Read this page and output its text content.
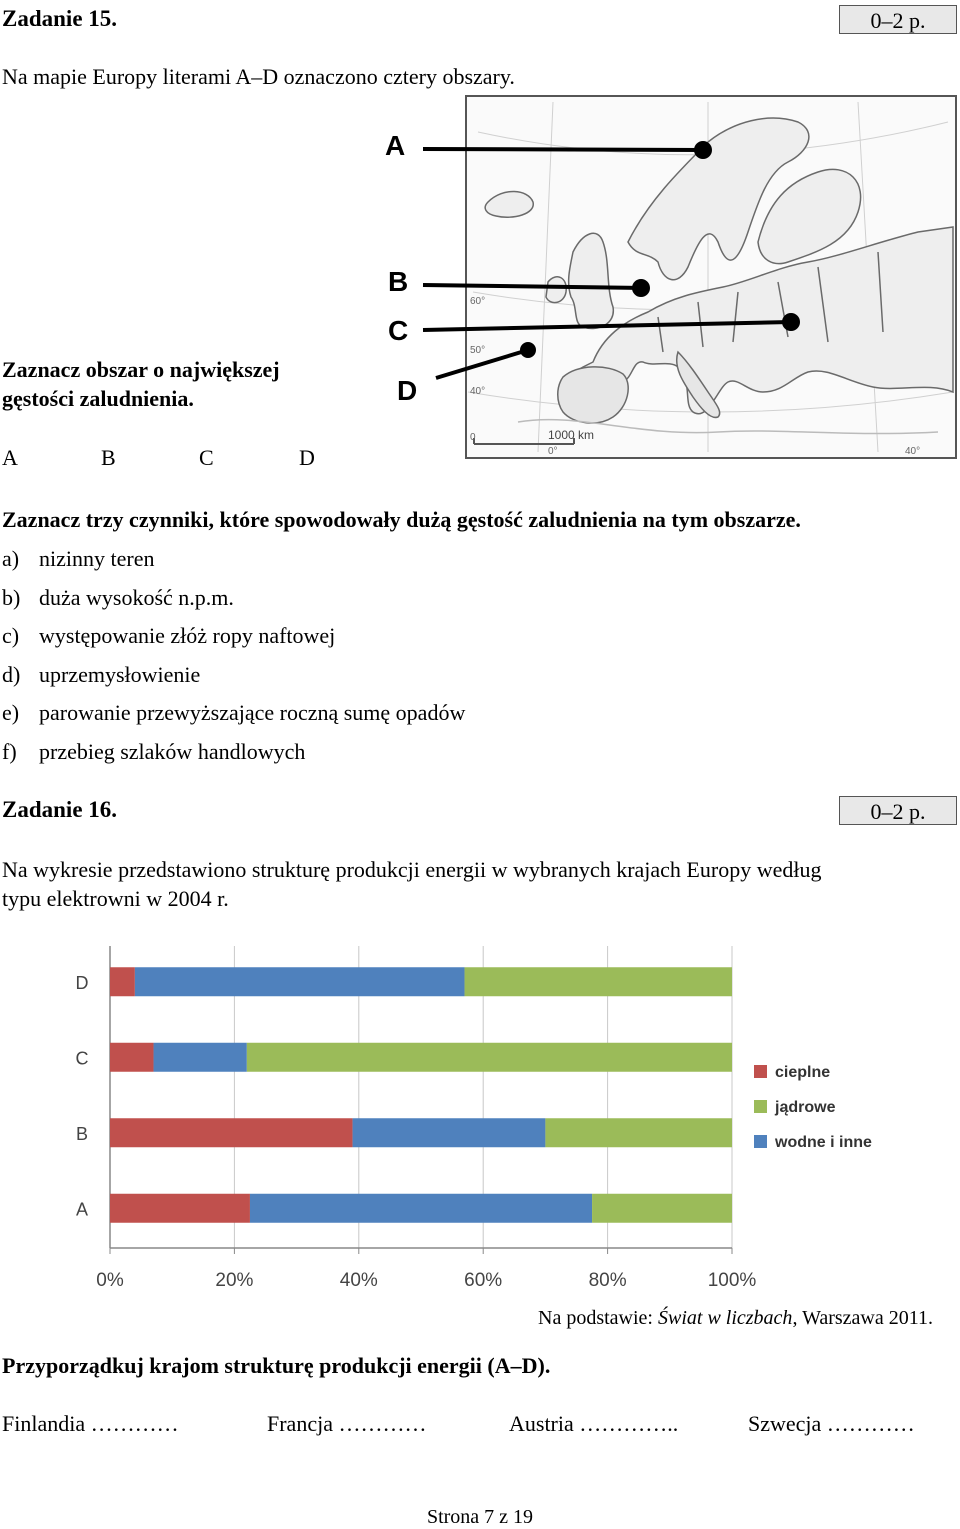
Zadanie 15.	0–2 p.
Na mapie Europy literami A–D oznaczono cztery obszary.
A
B
C
D
1000 km
60°
50°
40°
0°	40°
0
Zaznacz obszar o największej
gęstości zaludnienia.
A	B	C	D
Zaznacz trzy czynniki, które spowodowały dużą gęstość zaludnienia na tym obszarze.
a) nizinny teren
b) duża wysokość n.p.m.
c) występowanie złóż ropy naftowej
d) uprzemysłowienie
e) parowanie przewyższające roczną sumę opadów
f) przebieg szlaków handlowych
Zadanie 16.	0–2 p.
Na wykresie przedstawiono strukturę produkcji energii w wybranych krajach Europy według
typu elektrowni w 2004 r.
0%	20%	40%	60%	80%	100%
A
B
C
D
cieplne
jądrowe
wodne i inne
Na podstawie: Świat w liczbach, Warszawa 2011.
Przyporządkuj krajom strukturę produkcji energii (A–D).
Finlandia …………	Francja …………	Austria …………..	Szwecja …………
Strona 7 z 19
